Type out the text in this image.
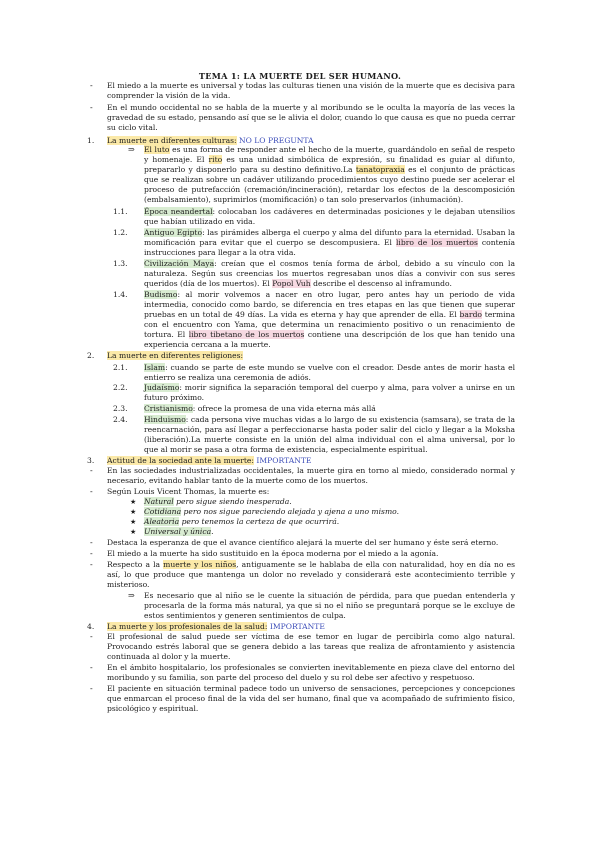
TEMA 1: LA MUERTE DEL SER HUMANO.
- El miedo a la muerte es universal y todas las culturas tienen una visión de la muerte que es decisiva para
comprender la visión de la vida.
- En el mundo occidental no se habla de la muerte y al moribundo se le oculta la mayoría de las veces la
gravedad de su estado, pensando así que se le alivia el dolor, cuando lo que causa es que no pueda cerrar
su ciclo vital.
1. La muerte en diferentes culturas: NO LO PREGUNTA
⇒ El luto es una forma de responder ante el hecho de la muerte, guardándolo en señal de respeto
y homenaje. El rito es una unidad simbólica de expresión, su finalidad es guiar al difunto,
prepararlo y disponerlo para su destino definitivo.La tanatopraxia es el conjunto de prácticas
que se realizan sobre un cadáver utilizando procedimientos cuyo destino puede ser acelerar el
proceso de putrefacción (cremación/incineración), retardar los efectos de la descomposición
(embalsamiento), suprimirlos (momificación) o tan solo preservarlos (inhumación).
1.1. Época neandertal: colocaban los cadáveres en determinadas posiciones y le dejaban utensilios
que habían utilizado en vida.
1.2. Antiguo Egipto: las pirámides alberga el cuerpo y alma del difunto para la eternidad. Usaban la
momificación para evitar que el cuerpo se descompusiera. El libro de los muertos contenía
instrucciones para llegar a la otra vida.
1.3. Civilización Maya: creían que el cosmos tenía forma de árbol, debido a su vínculo con la
naturaleza. Según sus creencias los muertos regresaban unos días a convivir con sus seres
queridos (día de los muertos). El Popol Vuh describe el descenso al inframundo.
1.4. Budismo: al morir volvemos a nacer en otro lugar, pero antes hay un periodo de vida
intermedia, conocido como bardo, se diferencia en tres etapas en las que tienen que superar
pruebas en un total de 49 días. La vida es eterna y hay que aprender de ella. El bardo termina
con el encuentro con Yama, que determina un renacimiento positivo o un renacimiento de
tortura. El libro tibetano de los muertos contiene una descripción de los que han tenido una
experiencia cercana a la muerte.
2. La muerte en diferentes religiones:
2.1. Islam: cuando se parte de este mundo se vuelve con el creador. Desde antes de morir hasta el
entierro se realiza una ceremonia de adiós.
2.2. Judaísmo: morir significa la separación temporal del cuerpo y alma, para volver a unirse en un
futuro próximo.
2.3. Cristianismo: ofrece la promesa de una vida eterna más allá
2.4. Hinduismo: cada persona vive muchas vidas a lo largo de su existencia (samsara), se trata de la
reencarnación, para así llegar a perfeccionarse hasta poder salir del ciclo y llegar a la Moksha
(liberación).La muerte consiste en la unión del alma individual con el alma universal, por lo
que al morir se pasa a otra forma de existencia, especialmente espiritual.
3. Actitud de la sociedad ante la muerte: IMPORTANTE
- En las sociedades industrializadas occidentales, la muerte gira en torno al miedo, considerado normal y
necesario, evitando hablar tanto de la muerte como de los muertos.
- Según Louis Vicent Thomas, la muerte es:
★ Natural pero sigue siendo inesperada.
★ Cotidiana pero nos sigue pareciendo alejada y ajena a uno mismo.
★ Aleatoria pero tenemos la certeza de que ocurrirá.
★ Universal y única.
- Destaca la esperanza de que el avance científico alejará la muerte del ser humano y éste será eterno.
- El miedo a la muerte ha sido sustituido en la época moderna por el miedo a la agonía.
- Respecto a la muerte y los niños, antiguamente se le hablaba de ella con naturalidad, hoy en día no es
así, lo que produce que mantenga un dolor no revelado y considerará este acontecimiento terrible y
misterioso.
⇒ Es necesario que al niño se le cuente la situación de pérdida, para que puedan entenderla y
procesarla de la forma más natural, ya que si no el niño se preguntará porque se le excluye de
estos sentimientos y generen sentimientos de culpa.
4. La muerte y los profesionales de la salud: IMPORTANTE
- El profesional de salud puede ser víctima de ese temor en lugar de percibirla como algo natural.
Provocando estrés laboral que se genera debido a las tareas que realiza de afrontamiento y asistencia
continuada al dolor y la muerte.
- En el ámbito hospitalario, los profesionales se convierten inevitablemente en pieza clave del entorno del
moribundo y su familia, son parte del proceso del duelo y su rol debe ser afectivo y respetuoso.
- El paciente en situación terminal padece todo un universo de sensaciones, percepciones y concepciones
que enmarcan el proceso final de la vida del ser humano, final que va acompañado de sufrimiento físico,
psicológico y espiritual.
